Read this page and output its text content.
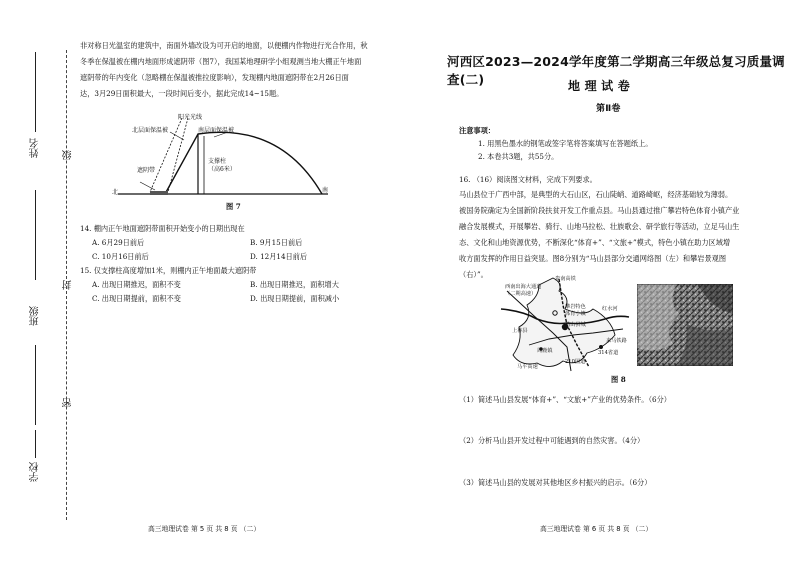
姓名 级
封
班级
密
学校
非对称日光温室的建筑中，南面外墙改设为可开启的地窗，以便棚内作物进行光合作用，秋
冬季在保温被在棚内地面形成遮阴带（图7），我国某地理研学小组观测当地大棚正午地面
遮阴带的年内变化（忽略棚在保温被推拉度影响），发现棚内地面遮阴带在2月26日面
达，3月29日面积最大，一段时间后变小，据此完成14~15题。
阳光光线
北层面保温被	南层面保温被
遮阴带
支撑柱
（高6米）
北	南
图 7
14. 棚内正午地面遮阴带面积开始变小的日期出现在
A. 6月29日前后	B. 9月15日前后
C. 10月16日前后	D. 12月14日前后
15. 仅支撑柱高度增加1米，则棚内正午地面最大遮阴带
A. 出现日期推迟，面积不变	B. 出现日期推迟，面积增大
C. 出现日期提前，面积不变	D. 出现日期提前，面积减小
高三地理试卷 第 5 页 共 8 页 （二）
河西区2023—2024学年度第二学期高三年级总复习质量调查(二)	地 理 试 卷
第Ⅱ卷
注意事项：
1. 用黑色墨水的钢笔或签字笔将答案填写在答题纸上。
2. 本卷共3题，共55分。
16. （16）阅读图文材料，完成下列要求。
马山县位于广西中部，是典型的大石山区，石山陡峭、道路崎岖，经济基础较为薄弱。
被国务院确定为全国新阶段扶贫开发工作重点县。马山县通过推广攀岩特色体育小镇产业
融合发展模式，开展攀岩、骑行、山地马拉松、壮族歌会、研学旅行等活动，立足马山生
态、文化和山地资源优势，不断深化“体育+”、“文旅+”模式，特色小镇在助力区域增
收方面发挥的作用日益突显。图8分别为“马山县部分交通网络图（左）和攀岩景观图
（右）”。	贵南高铁
西南出海大通道
（二期高速）
马山县城
红水河
攀岩特色
体育小镇
210国道
314省道
来马铁路
周鹿镇
马平高速
上林县
图 8
（1）简述马山县发展“体育+”、“文旅+”产业的优势条件。（6分）
（2）分析马山县开发过程中可能遇到的自然灾害。（4分）
（3）简述马山县的发展对其他地区乡村振兴的启示。（6分）
高三地理试卷 第 6 页 共 8 页 （二）
